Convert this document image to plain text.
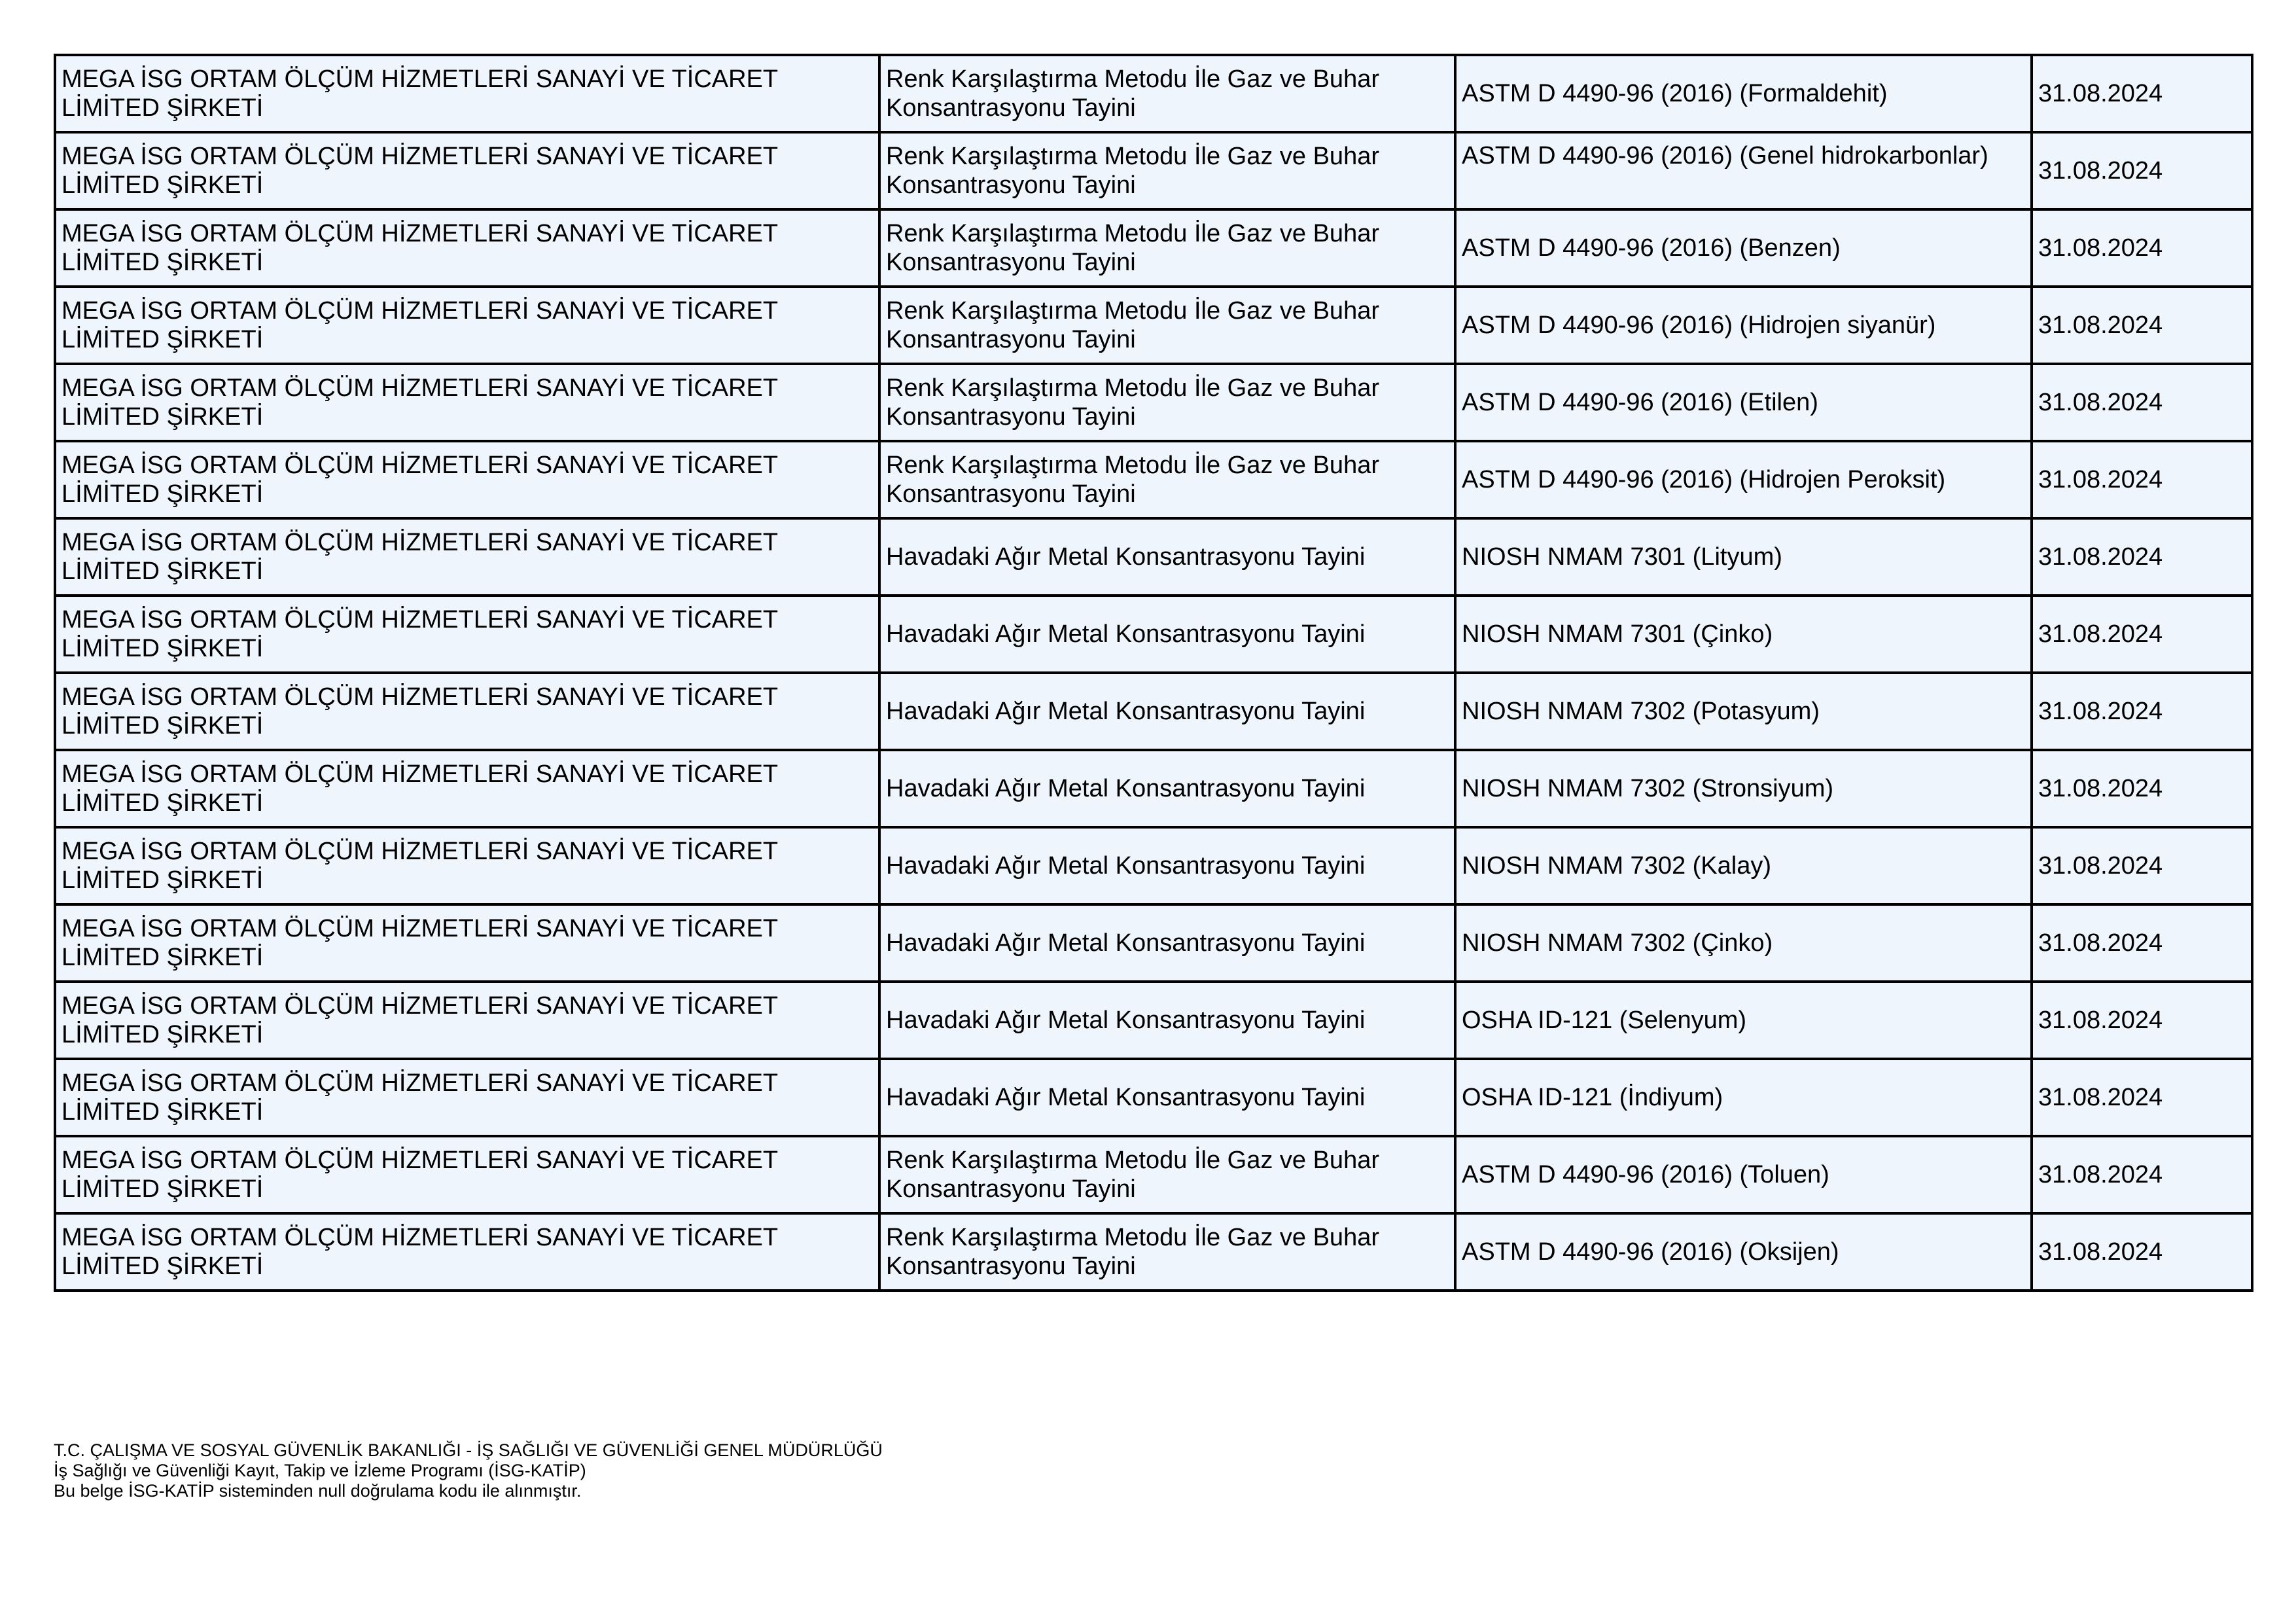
MEGA İSG ORTAM ÖLÇÜM HİZMETLERİ SANAYİ VE TİCARET LİMİTED ŞİRKETİ	Renk Karşılaştırma Metodu İle Gaz ve Buhar Konsantrasyonu Tayini	ASTM D 4490-96 (2016) (Formaldehit)	31.08.2024
MEGA İSG ORTAM ÖLÇÜM HİZMETLERİ SANAYİ VE TİCARET LİMİTED ŞİRKETİ	Renk Karşılaştırma Metodu İle Gaz ve Buhar Konsantrasyonu Tayini	ASTM D 4490-96 (2016) (Genel hidrokarbonlar)	31.08.2024
MEGA İSG ORTAM ÖLÇÜM HİZMETLERİ SANAYİ VE TİCARET LİMİTED ŞİRKETİ	Renk Karşılaştırma Metodu İle Gaz ve Buhar Konsantrasyonu Tayini	ASTM D 4490-96 (2016) (Benzen)	31.08.2024
MEGA İSG ORTAM ÖLÇÜM HİZMETLERİ SANAYİ VE TİCARET LİMİTED ŞİRKETİ	Renk Karşılaştırma Metodu İle Gaz ve Buhar Konsantrasyonu Tayini	ASTM D 4490-96 (2016) (Hidrojen siyanür)	31.08.2024
MEGA İSG ORTAM ÖLÇÜM HİZMETLERİ SANAYİ VE TİCARET LİMİTED ŞİRKETİ	Renk Karşılaştırma Metodu İle Gaz ve Buhar Konsantrasyonu Tayini	ASTM D 4490-96 (2016) (Etilen)	31.08.2024
MEGA İSG ORTAM ÖLÇÜM HİZMETLERİ SANAYİ VE TİCARET LİMİTED ŞİRKETİ	Renk Karşılaştırma Metodu İle Gaz ve Buhar Konsantrasyonu Tayini	ASTM D 4490-96 (2016) (Hidrojen Peroksit)	31.08.2024
MEGA İSG ORTAM ÖLÇÜM HİZMETLERİ SANAYİ VE TİCARET LİMİTED ŞİRKETİ	Havadaki Ağır Metal Konsantrasyonu Tayini	NIOSH NMAM 7301 (Lityum)	31.08.2024
MEGA İSG ORTAM ÖLÇÜM HİZMETLERİ SANAYİ VE TİCARET LİMİTED ŞİRKETİ	Havadaki Ağır Metal Konsantrasyonu Tayini	NIOSH NMAM 7301 (Çinko)	31.08.2024
MEGA İSG ORTAM ÖLÇÜM HİZMETLERİ SANAYİ VE TİCARET LİMİTED ŞİRKETİ	Havadaki Ağır Metal Konsantrasyonu Tayini	NIOSH NMAM 7302 (Potasyum)	31.08.2024
MEGA İSG ORTAM ÖLÇÜM HİZMETLERİ SANAYİ VE TİCARET LİMİTED ŞİRKETİ	Havadaki Ağır Metal Konsantrasyonu Tayini	NIOSH NMAM 7302 (Stronsiyum)	31.08.2024
MEGA İSG ORTAM ÖLÇÜM HİZMETLERİ SANAYİ VE TİCARET LİMİTED ŞİRKETİ	Havadaki Ağır Metal Konsantrasyonu Tayini	NIOSH NMAM 7302 (Kalay)	31.08.2024
MEGA İSG ORTAM ÖLÇÜM HİZMETLERİ SANAYİ VE TİCARET LİMİTED ŞİRKETİ	Havadaki Ağır Metal Konsantrasyonu Tayini	NIOSH NMAM 7302 (Çinko)	31.08.2024
MEGA İSG ORTAM ÖLÇÜM HİZMETLERİ SANAYİ VE TİCARET LİMİTED ŞİRKETİ	Havadaki Ağır Metal Konsantrasyonu Tayini	OSHA ID-121 (Selenyum)	31.08.2024
MEGA İSG ORTAM ÖLÇÜM HİZMETLERİ SANAYİ VE TİCARET LİMİTED ŞİRKETİ	Havadaki Ağır Metal Konsantrasyonu Tayini	OSHA ID-121 (İndiyum)	31.08.2024
MEGA İSG ORTAM ÖLÇÜM HİZMETLERİ SANAYİ VE TİCARET LİMİTED ŞİRKETİ	Renk Karşılaştırma Metodu İle Gaz ve Buhar Konsantrasyonu Tayini	ASTM D 4490-96 (2016) (Toluen)	31.08.2024
MEGA İSG ORTAM ÖLÇÜM HİZMETLERİ SANAYİ VE TİCARET LİMİTED ŞİRKETİ	Renk Karşılaştırma Metodu İle Gaz ve Buhar Konsantrasyonu Tayini	ASTM D 4490-96 (2016) (Oksijen)	31.08.2024
T.C. ÇALIŞMA VE SOSYAL GÜVENLİK BAKANLIĞI - İŞ SAĞLIĞI VE GÜVENLİĞİ GENEL MÜDÜRLÜĞÜ
İş Sağlığı ve Güvenliği Kayıt, Takip ve İzleme Programı (İSG-KATİP)
Bu belge İSG-KATİP sisteminden null doğrulama kodu ile alınmıştır.
